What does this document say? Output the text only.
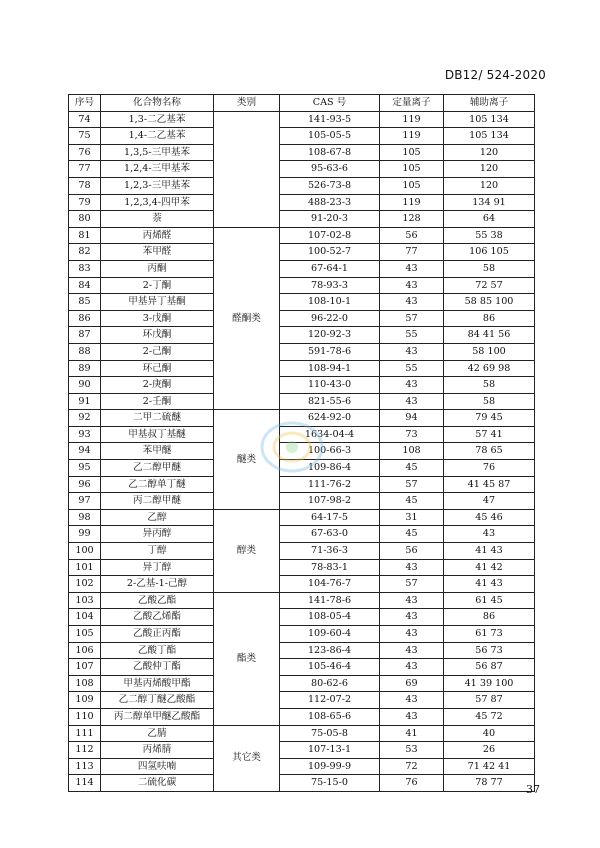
DB12/ 524-2020
序号	化合物名称	类别	CAS 号	定量离子	辅助离子
74	1,3-二乙基苯		141-93-5	119	105 134
75	1,4-二乙基苯		105-05-5	119	105 134
76	1,3,5-三甲基苯		108-67-8	105	120
77	1,2,4-三甲基苯		95-63-6	105	120
78	1,2,3-三甲基苯		526-73-8	105	120
79	1,2,3,4-四甲苯		488-23-3	119	134 91
80	萘		91-20-3	128	64
81	丙烯醛	醛酮类	107-02-8	56	55 38
82	苯甲醛		100-52-7	77	106 105
83	丙酮		67-64-1	43	58
84	2-丁酮		78-93-3	43	72 57
85	甲基异丁基酮		108-10-1	43	58 85 100
86	3-戊酮		96-22-0	57	86
87	环戊酮		120-92-3	55	84 41 56
88	2-己酮		591-78-6	43	58 100
89	环己酮		108-94-1	55	42 69 98
90	2-庚酮		110-43-0	43	58
91	2-壬酮		821-55-6	43	58
92	二甲二硫醚	醚类	624-92-0	94	79 45
93	甲基叔丁基醚		1634-04-4	73	57 41
94	苯甲醚		100-66-3	108	78 65
95	乙二醇甲醚		109-86-4	45	76
96	乙二醇单丁醚		111-76-2	57	41 45 87
97	丙二醇甲醚		107-98-2	45	47
98	乙醇	醇类	64-17-5	31	45 46
99	异丙醇		67-63-0	45	43
100	丁醇		71-36-3	56	41 43
101	异丁醇		78-83-1	43	41 42
102	2-乙基-1-己醇		104-76-7	57	41 43
103	乙酸乙酯	酯类	141-78-6	43	61 45
104	乙酸乙烯酯		108-05-4	43	86
105	乙酸正丙酯		109-60-4	43	61 73
106	乙酸丁酯		123-86-4	43	56 73
107	乙酸仲丁酯		105-46-4	43	56 87
108	甲基丙烯酸甲酯		80-62-6	69	41 39 100
109	乙二醇丁醚乙酸酯		112-07-2	43	57 87
110	丙二醇单甲醚乙酸酯		108-65-6	43	45 72
111	乙腈	其它类	75-05-8	41	40
112	丙烯腈		107-13-1	53	26
113	四氢呋喃		109-99-9	72	71 42 41
114	二硫化碳		75-15-0	76	78 77
37
